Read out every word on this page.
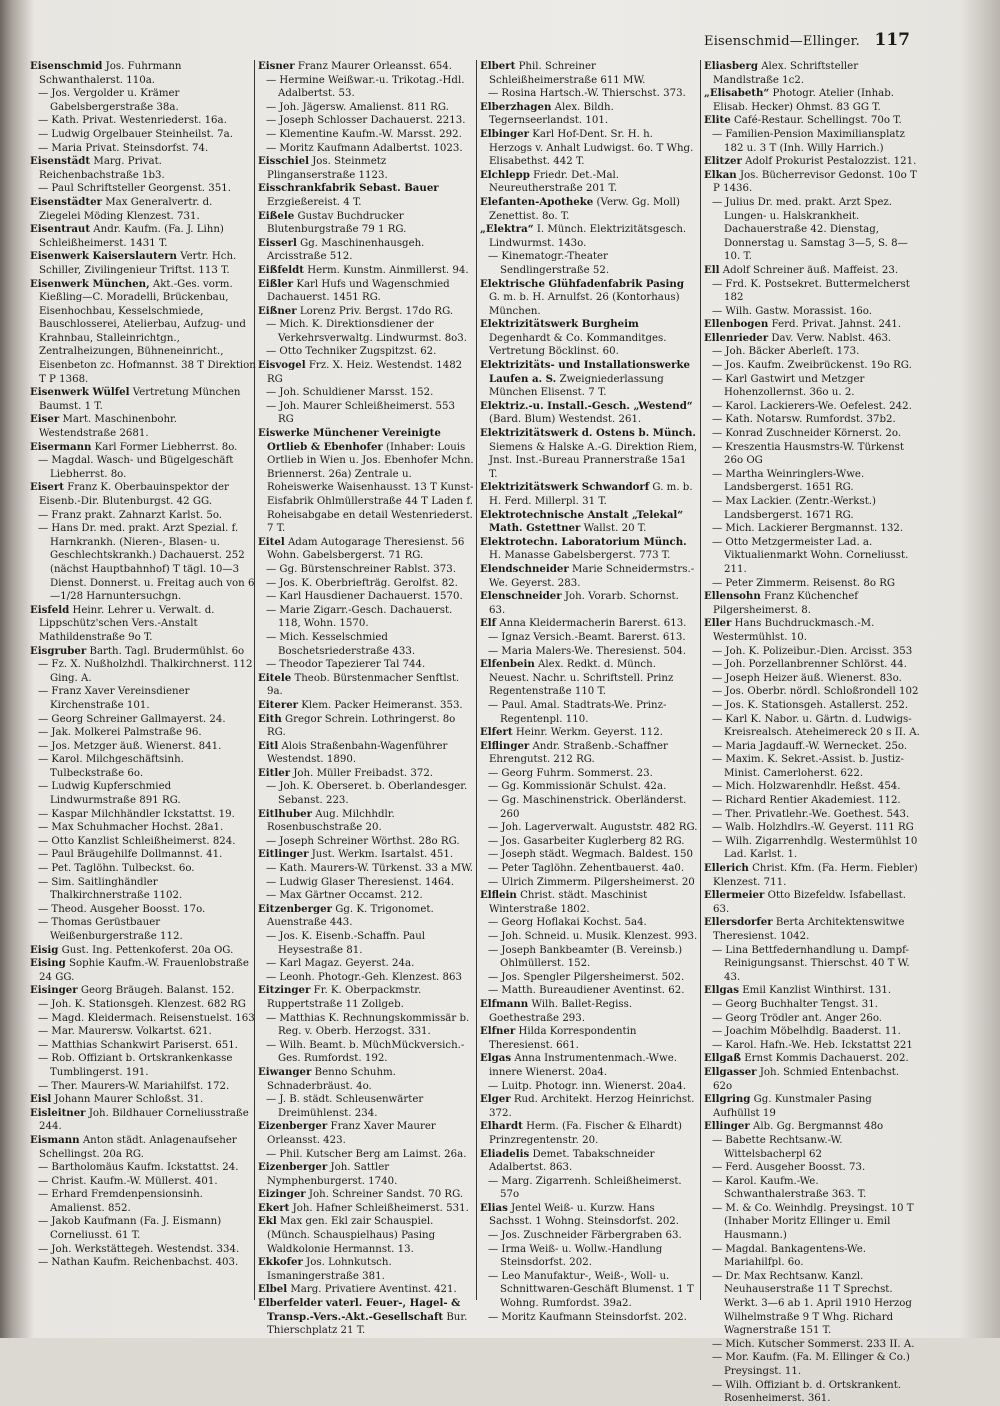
Eisenschmid—Ellinger. 117

Eisenschmid Jos. Fuhrmann Schwanthalerst. 110a.

— Jos. Vergolder u. Krämer Gabelsbergerstraße 38a.

— Kath. Privat. Westenriederst. 16a.

— Ludwig Orgelbauer Steinheilst. 7a.

— Maria Privat. Steinsdorfst. 74.

Eisenstädt Marg. Privat. Reichenbachstraße 1b3.

— Paul Schriftsteller Georgenst. 351.

Eisenstädter Max Generalvertr. d. Ziegelei Möding Klenzest. 731.

Eisentraut Andr. Kaufm. (Fa. J. Lihn) Schleißheimerst. 1431 T.

Eisenwerk Kaiserslautern Vertr. Hch. Schiller, Zivilingenieur Triftst. 113 T.

Eisenwerk München, Akt.-Ges. vorm. Kießling—C. Moradelli, Brückenbau, Eisenhochbau, Kesselschmiede, Bauschlosserei, Atelierbau, Aufzug- und Krahnbau, Stalleinrichtgn., Zentralheizungen, Bühneneinricht., Eisenbeton zc. Hofmannst. 38 T Direktion T P 1368.

Eisenwerk Wülfel Vertretung München Baumst. 1 T.

Eiser Mart. Maschinenbohr. Westendstraße 2681.

Eisermann Karl Former Liebherrst. 8o.

— Magdal. Wasch- und Bügelgeschäft Liebherrst. 8o.

Eisert Franz K. Oberbauinspektor der Eisenb.-Dir. Blutenburgst. 42 GG.

— Franz prakt. Zahnarzt Karlst. 5o.

— Hans Dr. med. prakt. Arzt Spezial. f. Harnkrankh. (Nieren-, Blasen- u. Geschlechtskrankh.) Dachauerst. 252 (nächst Hauptbahnhof) T tägl. 10—3 Dienst. Donnerst. u. Freitag auch von 6—1/28 Harnuntersuchgn.

Eisfeld Heinr. Lehrer u. Verwalt. d. Lippschütz'schen Vers.-Anstalt Mathildenstraße 9o T.

Eisgruber Barth. Tagl. Brudermühlst. 6o

— Fz. X. Nußholzhdl. Thalkirchnerst. 112 Ging. A.

— Franz Xaver Vereinsdiener Kirchenstraße 101.

— Georg Schreiner Gallmayerst. 24.

— Jak. Molkerei Palmstraße 96.

— Jos. Metzger äuß. Wienerst. 841.

— Karol. Milchgeschäftsinh. Tulbeckstraße 6o.

— Ludwig Kupferschmied Lindwurmstraße 891 RG.

— Kaspar Milchhändler Ickstattst. 19.

— Max Schuhmacher Hochst. 28a1.

— Otto Kanzlist Schleißheimerst. 824.

— Paul Bräugehilfe Dollmannst. 41.

— Pet. Taglöhn. Tulbeckst. 6o.

— Sim. Saitlinghändler Thalkirchnerstraße 1102.

— Theod. Ausgeher Boosst. 17o.

— Thomas Gerüstbauer Weißenburgerstraße 112.

Eisig Gust. Ing. Pettenkoferst. 20a OG.

Eising Sophie Kaufm.-W. Frauenlobstraße 24 GG.

Eisinger Georg Bräugeh. Balanst. 152.

— Joh. K. Stationsgeh. Klenzest. 682 RG

— Magd. Kleidermach. Reisenstuelst. 163

— Mar. Maurersw. Volkartst. 621.

— Matthias Schankwirt Pariserst. 651.

— Rob. Offiziant b. Ortskrankenkasse Tumblingerst. 191.

— Ther. Maurers-W. Mariahilfst. 172.

Eisl Johann Maurer Schloßst. 31.

Eisleitner Joh. Bildhauer Corneliusstraße 244.

Eismann Anton städt. Anlagenaufseher Schellingst. 20a RG.

— Bartholomäus Kaufm. Ickstattst. 24.

— Christ. Kaufm.-W. Müllerst. 401.

— Erhard Fremdenpensionsinh. Amalienst. 852.

— Jakob Kaufmann (Fa. J. Eismann) Corneliusst. 61 T.

— Joh. Werkstättegeh. Westendst. 334.

— Nathan Kaufm. Reichenbachst. 403.

Eisner Franz Maurer Orleansst. 654.

— Hermine Weißwar.-u. Trikotag.-Hdl. Adalbertst. 53.

— Joh. Jägersw. Amalienst. 811 RG.

— Joseph Schlosser Dachauerst. 2213.

— Klementine Kaufm.-W. Marsst. 292.

— Moritz Kaufmann Adalbertst. 1023.

Eisschiel Jos. Steinmetz Plinganserstraße 1123.

Eisschrankfabrik Sebast. Bauer Erzgießereist. 4 T.

Eißele Gustav Buchdrucker Blutenburgstraße 79 1 RG.

Eisserl Gg. Maschinenhausgeh. Arcisstraße 512.

Eißfeldt Herm. Kunstm. Ainmillerst. 94.

Eißler Karl Hufs und Wagenschmied Dachauerst. 1451 RG.

Eißner Lorenz Priv. Bergst. 17do RG.

— Mich. K. Direktionsdiener der Verkehrsverwaltg. Lindwurmst. 8o3.

— Otto Techniker Zugspitzst. 62.

Eisvogel Frz. X. Heiz. Westendst. 1482 RG

— Joh. Schuldiener Marsst. 152.

— Joh. Maurer Schleißheimerst. 553 RG

Eiswerke Münchener Vereinigte Ortlieb & Ebenhofer (Inhaber: Louis Ortlieb in Wien u. Jos. Ebenhofer Mchn. Briennerst. 26a) Zentrale u. Roheiswerke Waisenhausst. 13 T Kunst-Eisfabrik Ohlmüllerstraße 44 T Laden f. Roheisabgabe en detail Westenriederst. 7 T.

Eitel Adam Autogarage Theresienst. 56 Wohn. Gabelsbergerst. 71 RG.

— Gg. Bürstenschreiner Rablst. 373.

— Jos. K. Oberbriefträg. Gerolfst. 82.

— Karl Hausdiener Dachauerst. 1570.

— Marie Zigarr.-Gesch. Dachauerst. 118, Wohn. 1570.

— Mich. Kesselschmied Boschetsriederstraße 433.

— Theodor Tapezierer Tal 744.

Eitele Theob. Bürstenmacher Senftlst. 9a.

Eiterer Klem. Packer Heimeranst. 353.

Eith Gregor Schrein. Lothringerst. 8o RG.

Eitl Alois Straßenbahn-Wagenführer Westendst. 1890.

Eitler Joh. Müller Freibadst. 372.

— Joh. K. Oberseret. b. Oberlandesger. Sebanst. 223.

Eitlhuber Aug. Milchhdlr. Rosenbuschstraße 20.

— Joseph Schreiner Wörthst. 28o RG.

Eitlinger Just. Werkm. Isartalst. 451.

— Kath. Maurers-W. Türkenst. 33 a MW.

— Ludwig Glaser Theresienst. 1464.

— Max Gärtner Occamst. 212.

Eitzenberger Gg. K. Trigonomet. Auenstraße 443.

— Jos. K. Eisenb.-Schaffn. Paul Heysestraße 81.

— Karl Magaz. Geyerst. 24a.

— Leonh. Photogr.-Geh. Klenzest. 863

Eitzinger Fr. K. Oberpackmstr. Ruppertstraße 11 Zollgeb.

— Matthias K. Rechnungskommissär b. Reg. v. Oberb. Herzogst. 331.

— Wilh. Beamt. b. MüchMückversich.-Ges. Rumfordst. 192.

Eiwanger Benno Schuhm. Schnaderbräust. 4o.

— J. B. städt. Schleusenwärter Dreimühlenst. 234.

Eizenberger Franz Xaver Maurer Orleansst. 423.

— Phil. Kutscher Berg am Laimst. 26a.

Eizenberger Joh. Sattler Nymphenburgerst. 1740.

Eizinger Joh. Schreiner Sandst. 70 RG.

Ekert Joh. Hafner Schleißheimerst. 531.

Ekl Max gen. Ekl zair Schauspiel. (Münch. Schauspielhaus) Pasing Waldkolonie Hermannst. 13.

Ekkofer Jos. Lohnkutsch. Ismaningerstraße 381.

Elbel Marg. Privatiere Aventinst. 421.

Elberfelder vaterl. Feuer-, Hagel- & Transp.-Vers.-Akt.-Gesellschaft Bur. Thierschplatz 21 T.

Elbert Phil. Schreiner Schleißheimerstraße 611 MW.

— Rosina Hartsch.-W. Thierschst. 373.

Elberzhagen Alex. Bildh. Tegernseerlandst. 101.

Elbinger Karl Hof-Dent. Sr. H. h. Herzogs v. Anhalt Ludwigst. 6o. T Whg. Elisabethst. 442 T.

Elchlepp Friedr. Det.-Mal. Neureutherstraße 201 T.

Elefanten-Apotheke (Verw. Gg. Moll) Zenettist. 8o. T.

„Elektra“ I. Münch. Elektrizitätsgesch. Lindwurmst. 143o.

— Kinematogr.-Theater Sendlingerstraße 52.

Elektrische Glühfadenfabrik Pasing G. m. b. H. Arnulfst. 26 (Kontorhaus) München.

Elektrizitätswerk Burgheim Degenhardt & Co. Kommanditges. Vertretung Böcklinst. 60.

Elektrizitäts- und Installationswerke Laufen a. S. Zweigniederlassung München Elisenst. 7 T.

Elektriz.-u. Install.-Gesch. „Westend“ (Bard. Blum) Westendst. 261.

Elektrizitätswerk d. Ostens b. Münch. Siemens & Halske A.-G. Direktion Riem, Jnst. Inst.-Bureau Prannerstraße 15a1 T.

Elektrizitätswerk Schwandorf G. m. b. H. Ferd. Millerpl. 31 T.

Elektrotechnische Anstalt „Telekal“ Math. Gstettner Wallst. 20 T.

Elektrotechn. Laboratorium Münch. H. Manasse Gabelsbergerst. 773 T.

Elendschneider Marie Schneidermstrs.-We. Geyerst. 283.

Elenschneider Joh. Vorarb. Schornst. 63.

Elf Anna Kleidermacherin Barerst. 613.

— Ignaz Versich.-Beamt. Barerst. 613.

— Maria Malers-We. Theresienst. 504.

Elfenbein Alex. Redkt. d. Münch. Neuest. Nachr. u. Schriftstell. Prinz Regentenstraße 110 T.

— Paul. Amal. Stadtrats-We. Prinz-Regentenpl. 110.

Elfert Heinr. Werkm. Geyerst. 112.

Elflinger Andr. Straßenb.-Schaffner Ehrengutst. 212 RG.

— Georg Fuhrm. Sommerst. 23.

— Gg. Kommissionär Schulst. 42a.

— Gg. Maschinenstrick. Oberländerst. 260

— Joh. Lagerverwalt. Auguststr. 482 RG.

— Jos. Gasarbeiter Kuglerberg 82 RG.

— Joseph städt. Wegmach. Baldest. 150

— Peter Taglöhn. Zehentbauerst. 4a0.

— Ulrich Zimmerm. Pilgersheimerst. 20

Elflein Christ. städt. Maschinist Winterstraße 1802.

— Georg Hoflakai Kochst. 5a4.

— Joh. Schneid. u. Musik. Klenzest. 993.

— Joseph Bankbeamter (B. Vereinsb.) Ohlmüllerst. 152.

— Jos. Spengler Pilgersheimerst. 502.

— Matth. Bureaudiener Aventinst. 62.

Elfmann Wilh. Ballet-Regiss. Goethestraße 293.

Elfner Hilda Korrespondentin Theresienst. 661.

Elgas Anna Instrumentenmach.-Wwe. innere Wienerst. 20a4.

— Luitp. Photogr. inn. Wienerst. 20a4.

Elger Rud. Architekt. Herzog Heinrichst. 372.

Elhardt Herm. (Fa. Fischer & Elhardt) Prinzregentenstr. 20.

Eliadelis Demet. Tabakschneider Adalbertst. 863.

— Marg. Zigarrenh. Schleißheimerst. 57o

Elias Jentel Weiß- u. Kurzw. Hans Sachsst. 1 Wohng. Steinsdorfst. 202.

— Jos. Zuschneider Färbergraben 63.

— Irma Weiß- u. Wollw.-Handlung Steinsdorfst. 202.

— Leo Manufaktur-, Weiß-, Woll- u. Schnittwaren-Geschäft Blumenst. 1 T Wohng. Rumfordst. 39a2.

— Moritz Kaufmann Steinsdorfst. 202.

Eliasberg Alex. Schriftsteller Mandlstraße 1c2.

„Elisabeth“ Photogr. Atelier (Inhab. Elisab. Hecker) Ohmst. 83 GG T.

Elite Café-Restaur. Schellingst. 70o T.

— Familien-Pension Maximiliansplatz 182 u. 3 T (Inh. Willy Harrich.)

Elitzer Adolf Prokurist Pestalozzist. 121.

Elkan Jos. Bücherrevisor Gedonst. 10o T P 1436.

— Julius Dr. med. prakt. Arzt Spez. Lungen- u. Halskrankheit. Dachauerstraße 42. Dienstag, Donnerstag u. Samstag 3—5, S. 8—10. T.

Ell Adolf Schreiner äuß. Maffeist. 23.

— Frd. K. Postsekret. Buttermelcherst 182

— Wilh. Gastw. Morassist. 16o.

Ellenbogen Ferd. Privat. Jahnst. 241.

Ellenrieder Dav. Verw. Nablst. 463.

— Joh. Bäcker Aberleſt. 173.

— Jos. Kaufm. Zweibrückenst. 19o RG.

— Karl Gastwirt und Metzger Hohenzollernst. 36o u. 2.

— Karol. Lackierers-We. Oefelest. 242.

— Kath. Notarsw. Rumfordst. 37b2.

— Konrad Zuschneider Körnerst. 2o.

— Kreszentia Hausmstrs-W. Türkenst 26o OG

— Martha Weinringlers-Wwe. Landsbergerst. 1651 RG.

— Max Lackier. (Zentr.-Werkst.) Landsbergerst. 1671 RG.

— Mich. Lackierer Bergmannst. 132.

— Otto Metzgermeister Lad. a. Viktualienmarkt Wohn. Corneliusst. 211.

— Peter Zimmerm. Reisenst. 8o RG

Ellensohn Franz Küchenchef Pilgersheimerst. 8.

Eller Hans Buchdruckmasch.-M. Westermühlst. 10.

— Joh. K. Polizeibur.-Dien. Arcisst. 353

— Joh. Porzellanbrenner Schlörst. 44.

— Joseph Heizer äuß. Wienerst. 83o.

— Jos. Oberbr. nördl. Schloßrondell 102

— Jos. K. Stationsgeh. Astallerst. 252.

— Karl K. Nabor. u. Gärtn. d. Ludwigs-Kreisrealsch. Ateheimereck 20 s II. A.

— Maria Jagdauff.-W. Wernecket. 25o.

— Maxim. K. Sekret.-Assist. b. Justiz-Minist. Camerloherst. 622.

— Mich. Holzwarenhdlr. Heßst. 454.

— Richard Rentier Akademiest. 112.

— Ther. Privatlehr.-We. Goethest. 543.

— Walb. Holzhdlrs.-W. Geyerst. 111 RG

— Wilh. Zigarrenhdlg. Westermühlst 10 Lad. Karlst. 1.

Ellerich Christ. Kfm. (Fa. Herm. Fiebler) Klenzest. 711.

Ellermeier Otto Bizefeldw. Isfabellast. 63.

Ellersdorfer Berta Architektenswitwe Theresienst. 1042.

— Lina Bettfedernhandlung u. Dampf-Reinigungsanst. Thierschst. 40 T W. 43.

Ellgas Emil Kanzlist Winthirst. 131.

— Georg Buchhalter Tengst. 31.

— Georg Trödler ant. Anger 26o.

— Joachim Möbelhdlg. Baaderst. 11.

— Karol. Hafn.-We. Heb. Ickstattst 221

Ellgaß Ernst Kommis Dachauerst. 202.

Ellgasser Joh. Schmied Entenbachst. 62o

Ellgring Gg. Kunstmaler Pasing Aufhüllst 19

Ellinger Alb. Gg. Bergmannst 48o

— Babette Rechtsanw.-W. Wittelsbacherpl 62

— Ferd. Ausgeher Boosst. 73.

— Karol. Kaufm.-We. Schwanthalerstraße 363. T.

— M. & Co. Weinhdlg. Preysingst. 10 T (Inhaber Moritz Ellinger u. Emil Hausmann.)

— Magdal. Bankagentens-We. Mariahilfpl. 6o.

— Dr. Max Rechtsanw. Kanzl. Neuhauserstraße 11 T Sprechst. Werkt. 3—6 ab 1. April 1910 Herzog Wilhelmstraße 9 T Whg. Richard Wagnerstraße 151 T.

— Mich. Kutscher Sommerst. 233 II. A.

— Mor. Kaufm. (Fa. M. Ellinger & Co.) Preysingst. 11.

— Wilh. Offiziant b. d. Ortskrankent. Rosenheimerst. 361.
